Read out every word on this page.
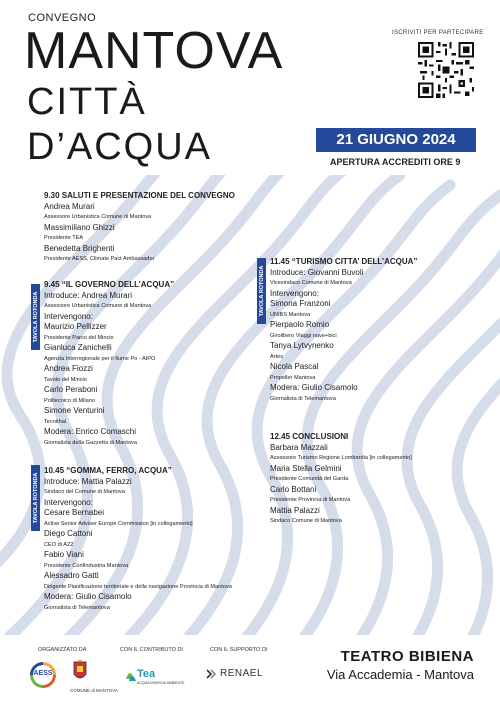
CONVEGNO
MANTOVA
CITTÀ
D’ACQUA
ISCRIVITI PER PARTECIPARE
21 GIUGNO 2024
APERTURA ACCREDITI ORE 9
9.30 SALUTI E PRESENTAZIONE DEL CONVEGNO
Andrea Murari
Assessore Urbanistica Comune di Mantova
Massimiliano Ghizzi
Presidente TEA
Benedetta Brighenti
Presidente AESS, Climate Pact Ambassador
TAVOLA ROTONDA
9.45 “IL GOVERNO DELL’ACQUA”
Introduce: Andrea Murari
Assessore Urbanistica Comune di Mantova
Intervengono:
Maurizio Pellizzer
Presidente Parco del Mincio
Gianluca Zanichelli
Agenzia Interregionale per il fiume Po - AIPO
Andrea Fiozzi
Tavolo del Mincio
Carlo Peraboni
Politecnico di Milano
Simone Venturini
Tecnithal
Modera: Enrico Comaschi
Giornalista della Gazzetta di Mantova
TAVOLA ROTONDA
10.45 “GOMMA, FERRO, ACQUA”
Introduce: Mattia Palazzi
Sindaco del Comune di Mantova
Intervengono:
Cesare Bernabei
Active Senior Adviser Europe Commission [in collegamento]
Diego Cattoni
CEO di A22
Fabio Viani
Presidente Confindustria Mantova
Alessadro Gatti
Dirigente Pianificazione territoriale e della navigazione Provincia di Mantova
Modera: Giulio Cisamolo
Giornalista di Telemantova
TAVOLA ROTONDA
11.45 “TURISMO CITTA’ DELL’ACQUA”
Introduce: Giovanni Buvoli
Vicesindaco Comune di Mantova
Intervengono:
Simona Franzoni
UNIBS Mantova
Pierpaolo Romio
Girolibero Viaggi nave+bici
Tanya Lytvynenko
Artes
Nicola Pascal
Propeller Mantova
Modera: Giulio Cisamolo
Giornalista di Telemantova
12.45 CONCLUSIONI
Barbara Mazzali
Assessore Turismo Regione Lombardia [in collegamento]
Maria Stella Gelmini
Presidente Comunità del Garda
Carlo Bottani
Presidente Provincia di Mantova
Mattia Palazzi
Sindaco Comune di Mantova
ORGANIZZATO DA	CON IL CONTRIBUTO DI	CON IL SUPPORTO DI
AESS
COMUNE di MANTOVA
Tea
ACQUA ENERGIA AMBIENTE
RENAEL
TEATRO BIBIENA
Via Accademia - Mantova
